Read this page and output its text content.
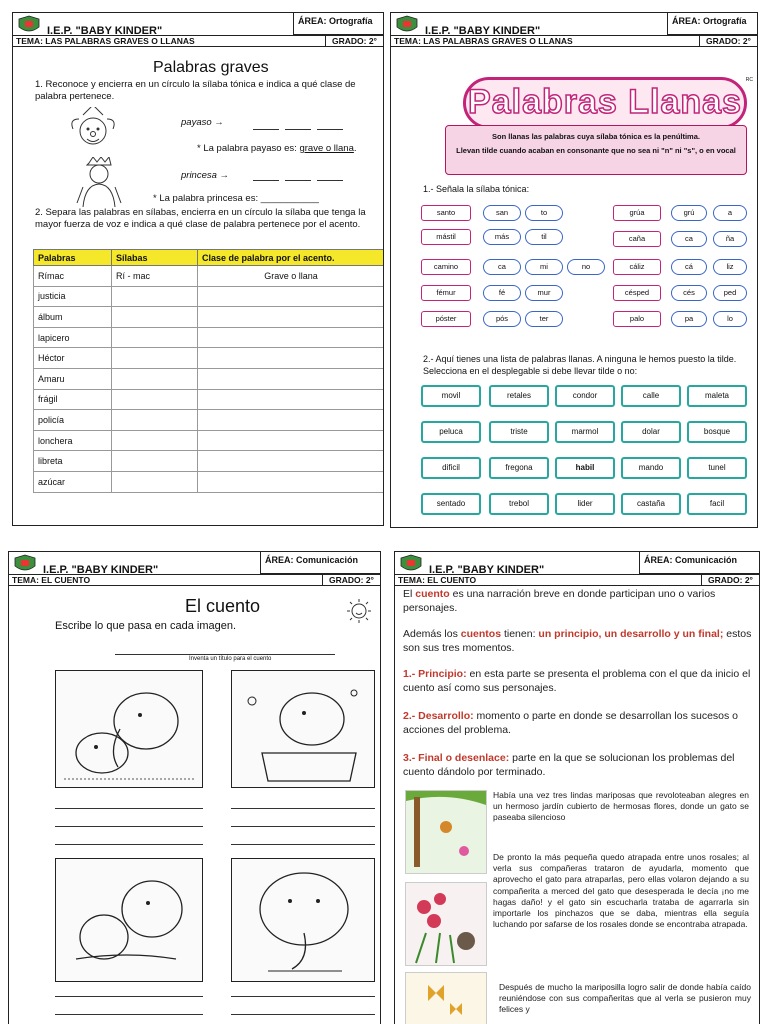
I.E.P. "BABY KINDER"
ÁREA: Ortografía
TEMA: LAS PALABRAS GRAVES O LLANAS	GRADO: 2°
Palabras graves
1. Reconoce y encierra en un círculo la sílaba tónica e indica a qué clase de palabra pertenece.
payaso →
* La palabra payaso es: grave o llana.
princesa →
* La palabra princesa es: ___________
2. Separa las palabras en sílabas, encierra en un círculo la sílaba que tenga la mayor fuerza de voz e indica a qué clase de palabra pertenece por el acento.
Palabras	Sílabas	Clase de palabra por el acento.
Rímac	Rí - mac	Grave o llana
justicia		
álbum		
lapicero		
Héctor		
Amaru		
frágil		
policía		
lonchera		
libreta		
azúcar		
I.E.P. "BABY KINDER"
ÁREA: Ortografía
TEMA: LAS PALABRAS GRAVES O LLANAS	GRADO: 2°
Palabras Llanas
RC
Son llanas las palabras cuya sílaba tónica es la penúltima.
Llevan tilde cuando acaban en consonante que no sea ni "n" ni "s", o en vocal
1.- Señala la sílaba tónica:
santo	san	to
mástil	más	til
camino	ca	mi	no
fémur	fé	mur
póster	pós	ter
grúa	grú	a
caña	ca	ña
cáliz	cá	liz
césped	cés	ped
palo	pa	lo
2.- Aquí tienes una lista de palabras llanas. A ninguna le hemos puesto la tilde. Selecciona en el desplegable si debe llevar tilde o no:
movil	retales	condor	calle	maleta
peluca	triste	marmol	dolar	bosque
dificil	fregona	habil	mando	tunel
sentado	trebol	lider	castaña	facil
I.E.P. "BABY KINDER"
ÁREA: Comunicación
TEMA: EL CUENTO	GRADO: 2°
El cuento
Escribe lo que pasa en cada imagen.
Inventa un título para el cuento
I.E.P. "BABY KINDER"
ÁREA: Comunicación
TEMA: EL CUENTO	GRADO: 2°
El cuento es una narración breve en donde participan uno o varios personajes.
Además los cuentos tienen: un principio, un desarrollo y un final; estos son sus tres momentos.
1.- Principio: en esta parte se presenta el problema con el que da inicio el cuento así como sus personajes.
2.- Desarrollo: momento o parte en donde se desarrollan los sucesos o acciones del problema.
3.- Final o desenlace: parte en la que se solucionan los problemas del cuento dándolo por terminado.
Había una vez tres lindas mariposas que revoloteaban alegres en un hermoso jardín cubierto de hermosas flores, donde un gato se paseaba silencioso
De pronto la más pequeña quedo atrapada entre unos rosales; al verla sus compañeras trataron de ayudarla, momento que aprovecho el gato para atraparlas, pero ellas volaron dejando a su compañerita a merced del gato que desesperada le decía ¡no me hagas daño! y el gato sin escucharla trataba de agarrarla sin importarle los pinchazos que se daba, mientras ella seguía luchando por safarse de los rosales donde se encontraba atrapada.
Después de mucho la mariposilla logro salir de donde había caído reuniéndose con sus compañeritas que al verla se pusieron muy felices y
